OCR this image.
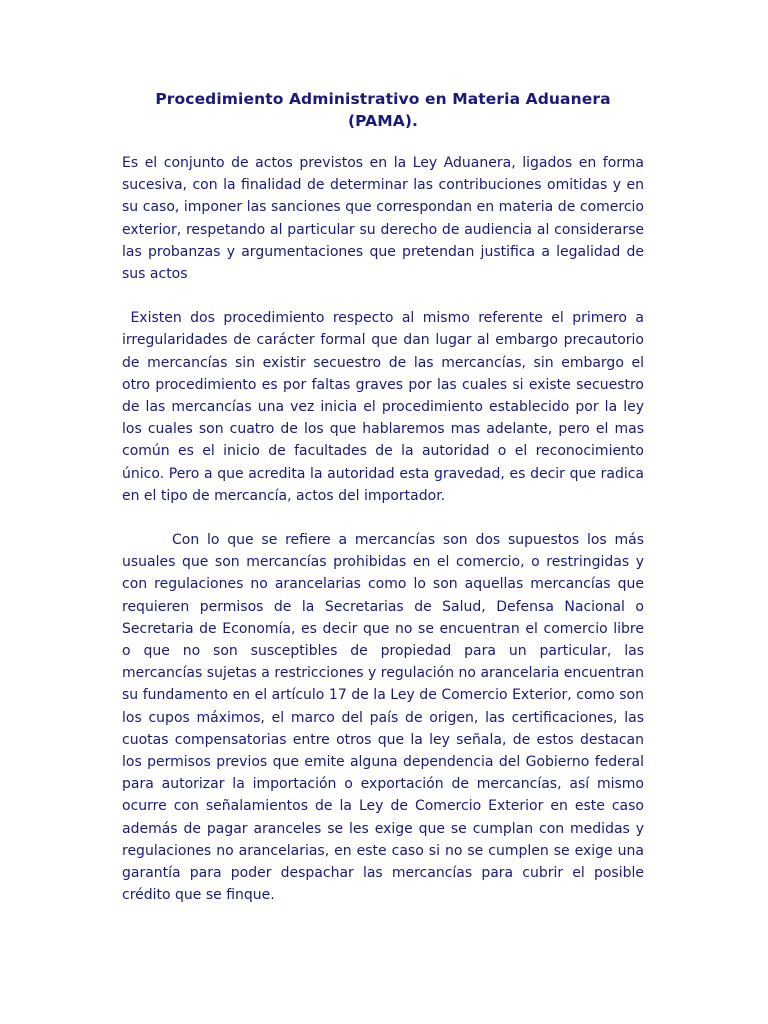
Procedimiento Administrativo en Materia Aduanera (PAMA).

Es el conjunto de actos previstos en la Ley Aduanera, ligados en forma sucesiva, con la finalidad de determinar las contribuciones omitidas y en su caso, imponer las sanciones que correspondan en materia de comercio exterior, respetando al particular su derecho de audiencia al considerarse las probanzas y argumentaciones que pretendan justifica a legalidad de sus actos

Existen dos procedimiento respecto al mismo referente el primero a irregularidades de carácter formal que dan lugar al embargo precautorio de mercancías sin existir secuestro de las mercancías, sin embargo el otro procedimiento es por faltas graves por las cuales si existe secuestro de las mercancías una vez inicia el procedimiento establecido por la ley los cuales son cuatro de los que hablaremos mas adelante, pero el mas común es el inicio de facultades de la autoridad o el reconocimiento único. Pero a que acredita la autoridad esta gravedad, es decir que radica en el tipo de mercancía, actos del importador.

Con lo que se refiere a mercancías son dos supuestos los más usuales que son mercancías prohibidas en el comercio, o restringidas y con regulaciones no arancelarias como lo son aquellas mercancías que requieren permisos de la Secretarias de Salud, Defensa Nacional o Secretaria de Economía, es decir que no se encuentran el comercio libre o que no son susceptibles de propiedad para un particular, las mercancías sujetas a restricciones y regulación no arancelaria encuentran su fundamento en el artículo 17 de la Ley de Comercio Exterior, como son los cupos máximos, el marco del país de origen, las certificaciones, las cuotas compensatorias entre otros que la ley señala, de estos destacan los permisos previos que emite alguna dependencia del Gobierno federal para autorizar la importación o exportación de mercancías, así mismo ocurre con señalamientos de la Ley de Comercio Exterior en este caso además de pagar aranceles se les exige que se cumplan con medidas y regulaciones no arancelarias, en este caso si no se cumplen se exige una garantía para poder despachar las mercancías para cubrir el posible crédito que se finque.
